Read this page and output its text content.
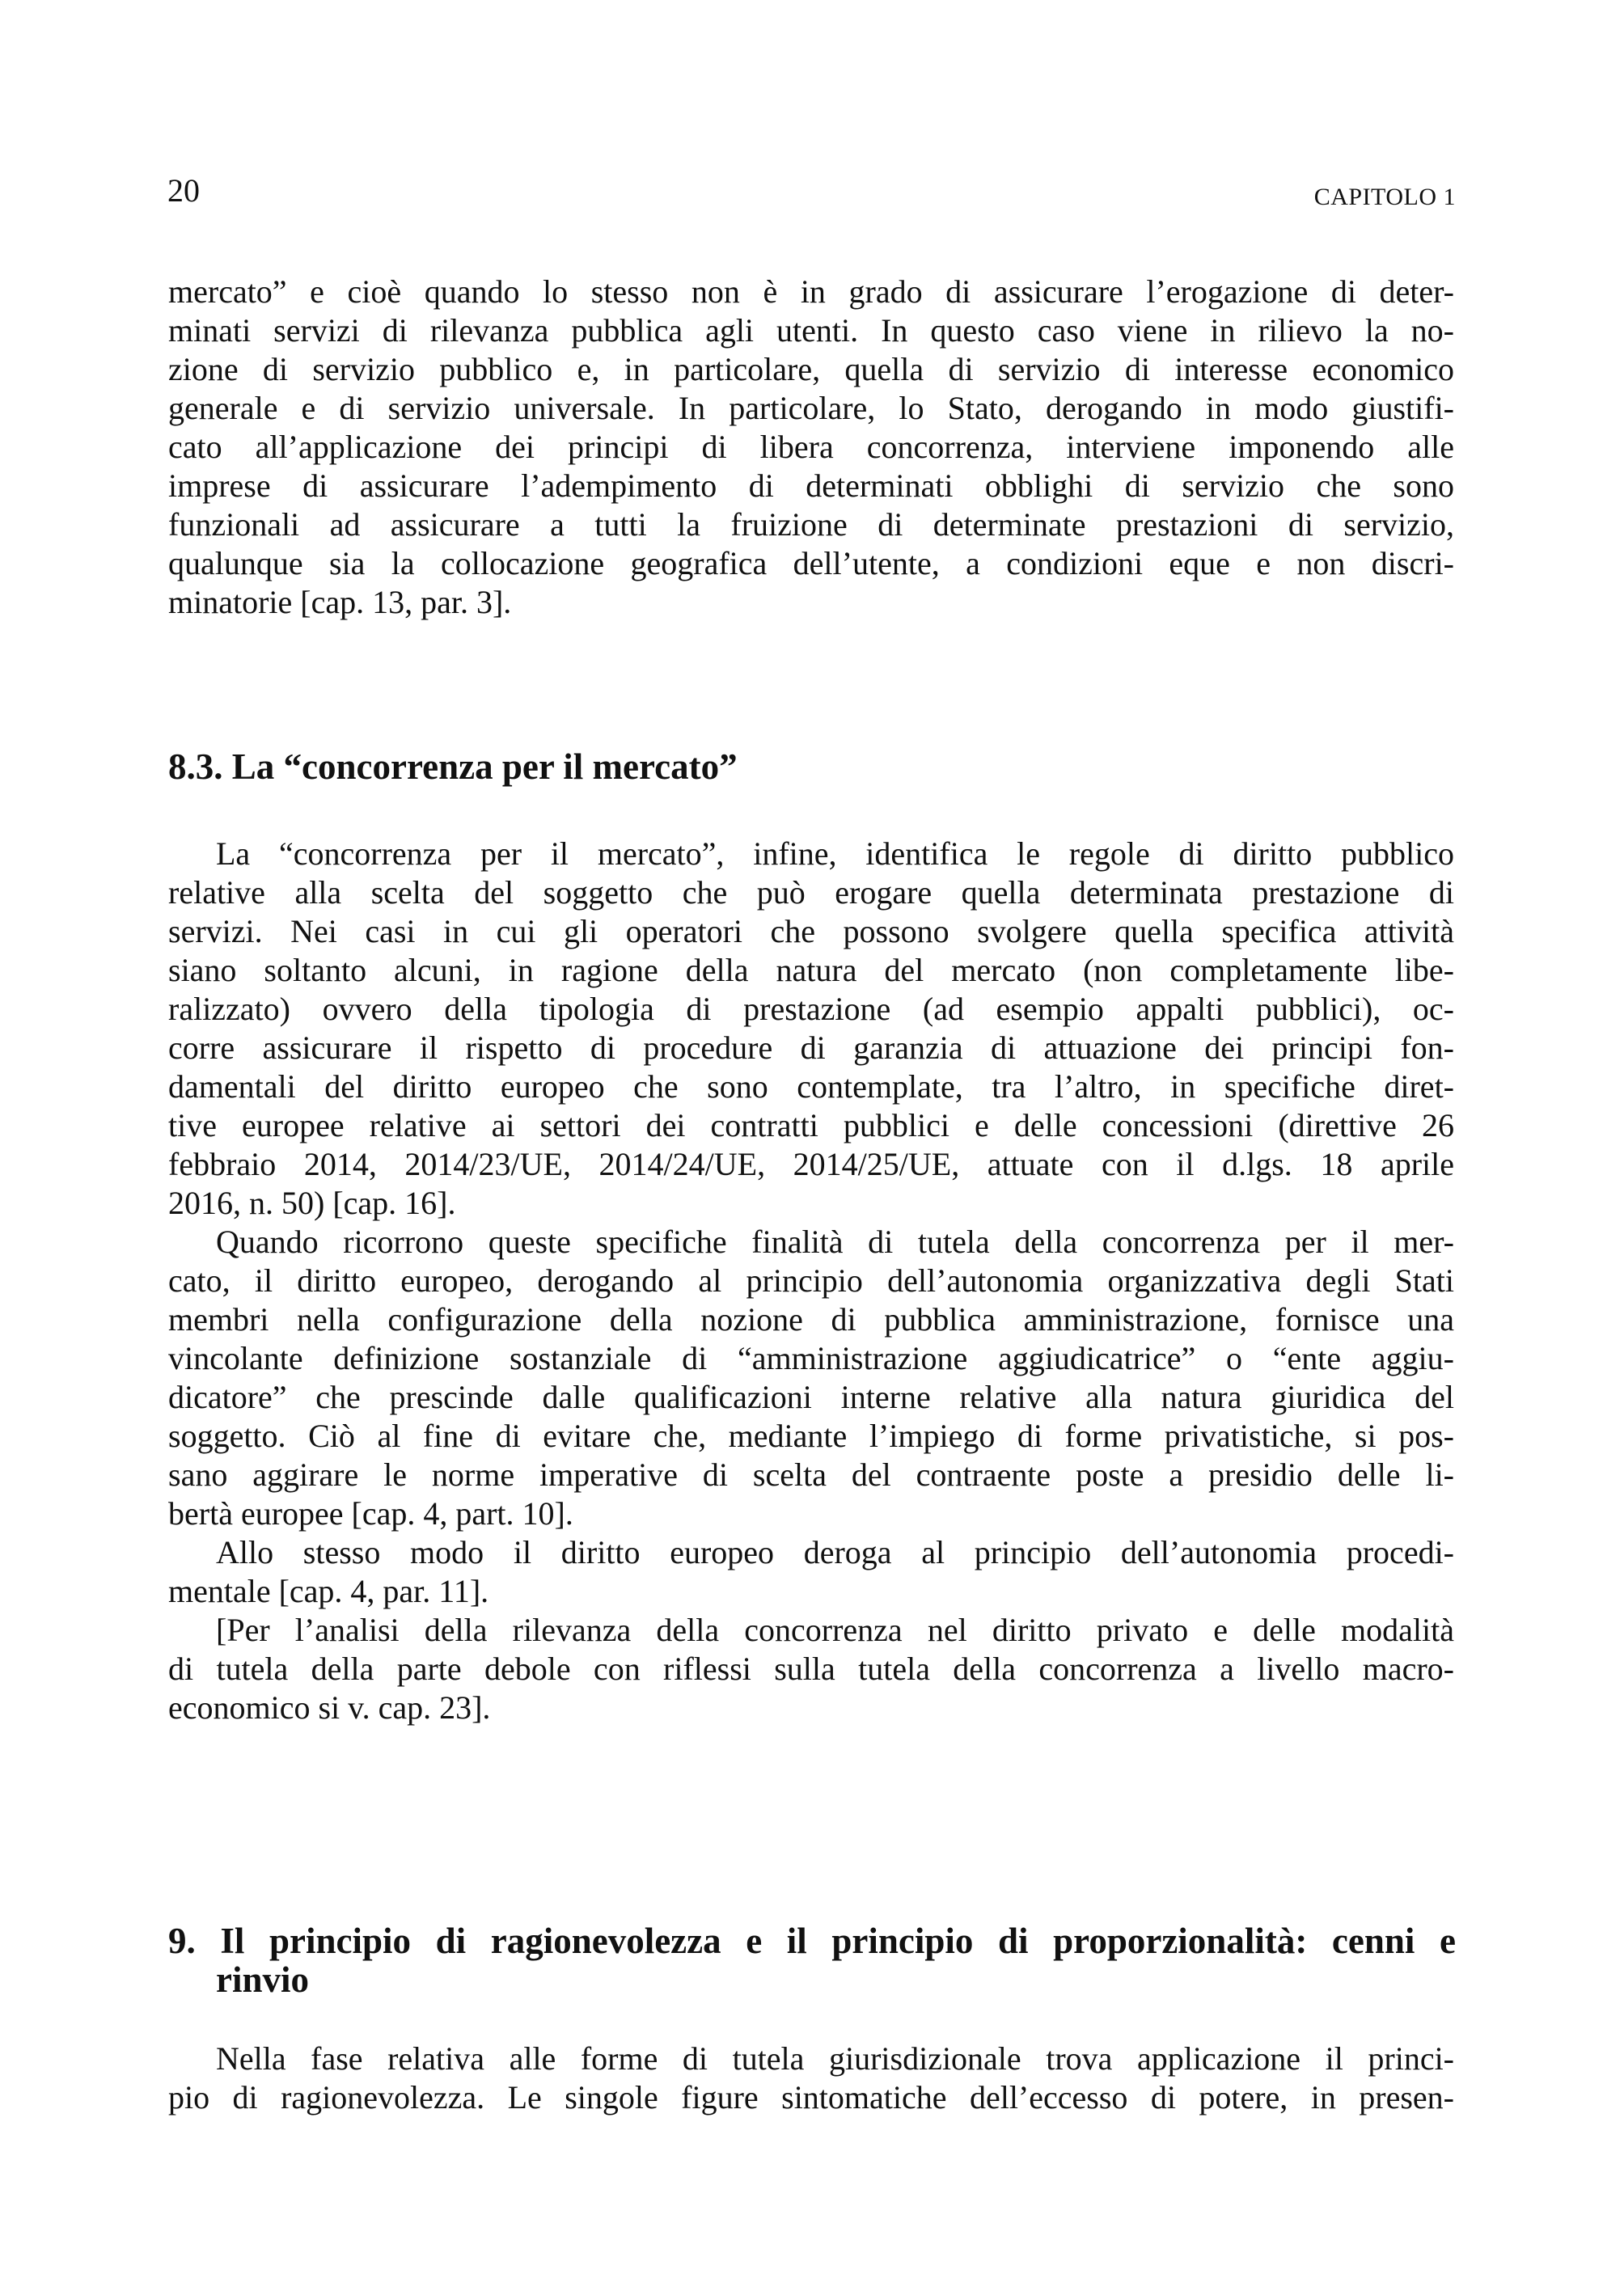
20	CAPITOLO 1
mercato” e cioè quando lo stesso non è in grado di assicurare l’erogazione di deter-
minati servizi di rilevanza pubblica agli utenti. In questo caso viene in rilievo la no-
zione di servizio pubblico e, in particolare, quella di servizio di interesse economico
generale e di servizio universale. In particolare, lo Stato, derogando in modo giustifi-
cato all’applicazione dei principi di libera concorrenza, interviene imponendo alle
imprese di assicurare l’adempimento di determinati obblighi di servizio che sono
funzionali ad assicurare a tutti la fruizione di determinate prestazioni di servizio,
qualunque sia la collocazione geografica dell’utente, a condizioni eque e non discri-
minatorie [cap. 13, par. 3].
8.3. La “concorrenza per il mercato”
La “concorrenza per il mercato”, infine, identifica le regole di diritto pubblico
relative alla scelta del soggetto che può erogare quella determinata prestazione di
servizi. Nei casi in cui gli operatori che possono svolgere quella specifica attività
siano soltanto alcuni, in ragione della natura del mercato (non completamente libe-
ralizzato) ovvero della tipologia di prestazione (ad esempio appalti pubblici), oc-
corre assicurare il rispetto di procedure di garanzia di attuazione dei principi fon-
damentali del diritto europeo che sono contemplate, tra l’altro, in specifiche diret-
tive europee relative ai settori dei contratti pubblici e delle concessioni (direttive 26
febbraio 2014, 2014/23/UE, 2014/24/UE, 2014/25/UE, attuate con il d.lgs. 18 aprile
2016, n. 50) [cap. 16].
Quando ricorrono queste specifiche finalità di tutela della concorrenza per il mer-
cato, il diritto europeo, derogando al principio dell’autonomia organizzativa degli Stati
membri nella configurazione della nozione di pubblica amministrazione, fornisce una
vincolante definizione sostanziale di “amministrazione aggiudicatrice” o “ente aggiu-
dicatore” che prescinde dalle qualificazioni interne relative alla natura giuridica del
soggetto. Ciò al fine di evitare che, mediante l’impiego di forme privatistiche, si pos-
sano aggirare le norme imperative di scelta del contraente poste a presidio delle li-
bertà europee [cap. 4, part. 10].
Allo stesso modo il diritto europeo deroga al principio dell’autonomia procedi-
mentale [cap. 4, par. 11].
[Per l’analisi della rilevanza della concorrenza nel diritto privato e delle modalità
di tutela della parte debole con riflessi sulla tutela della concorrenza a livello macro-
economico si v. cap. 23].
9. Il principio di ragionevolezza e il principio di proporzionalità: cenni e
rinvio
Nella fase relativa alle forme di tutela giurisdizionale trova applicazione il princi-
pio di ragionevolezza. Le singole figure sintomatiche dell’eccesso di potere, in presen-
